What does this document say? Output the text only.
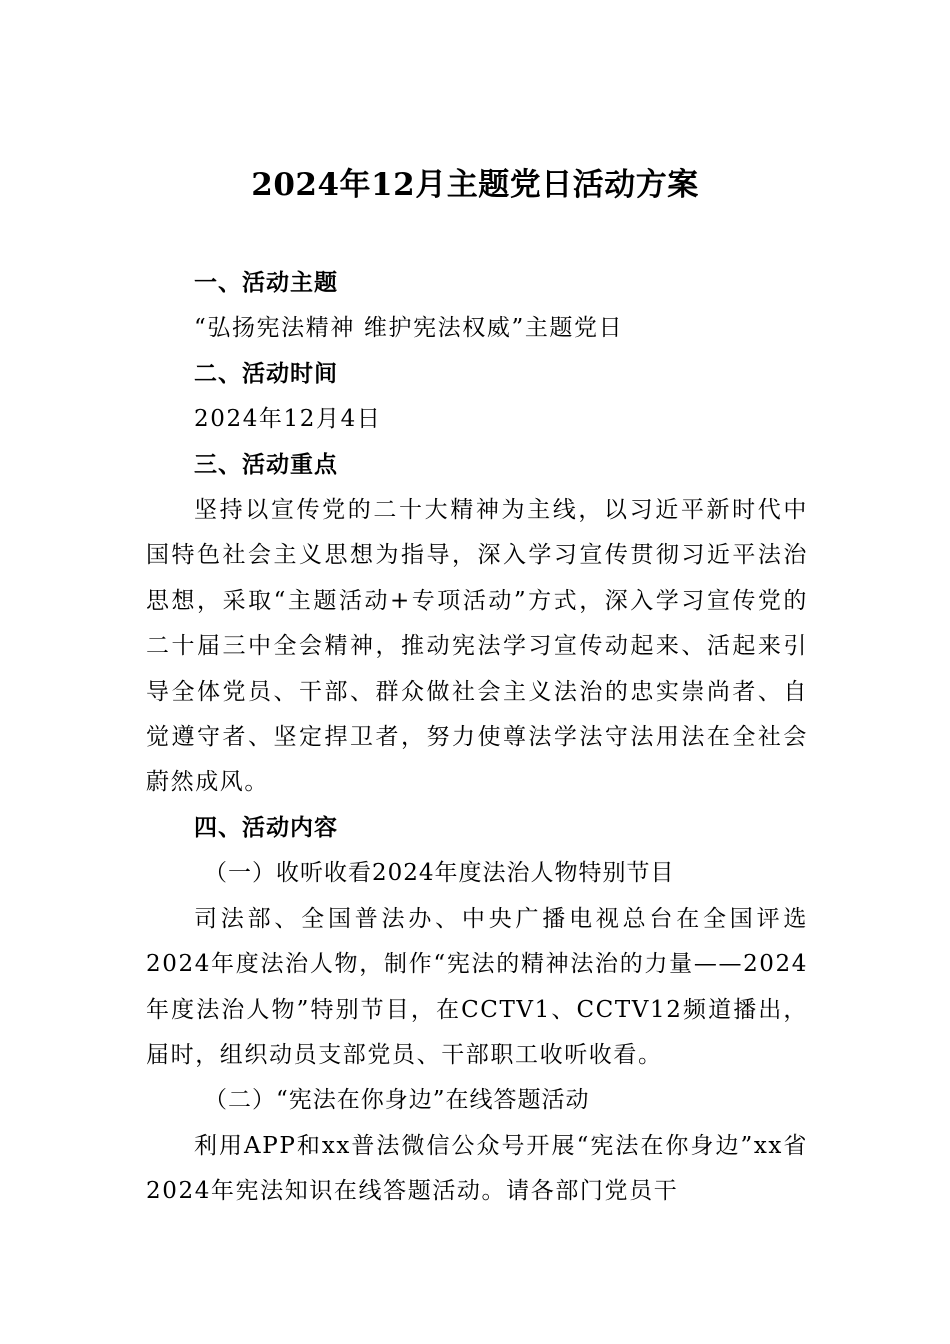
2024年12月主题党日活动方案

一、活动主题

“弘扬宪法精神 维护宪法权威”主题党日

二、活动时间

2024年12月4日

三、活动重点

坚持以宣传党的二十大精神为主线，以习近平新时代中国特色社会主义思想为指导，深入学习宣传贯彻习近平法治思想，采取“主题活动+专项活动”方式，深入学习宣传党的二十届三中全会精神，推动宪法学习宣传动起来、活起来引导全体党员、干部、群众做社会主义法治的忠实崇尚者、自觉遵守者、坚定捍卫者，努力使尊法学法守法用法在全社会蔚然成风。

四、活动内容

（一）收听收看2024年度法治人物特别节目

司法部、全国普法办、中央广播电视总台在全国评选2024年度法治人物，制作“宪法的精神法治的力量——2024年度法治人物”特别节目，在CCTV1、CCTV12频道播出，届时，组织动员支部党员、干部职工收听收看。

（二）“宪法在你身边”在线答题活动

利用APP和xx普法微信公众号开展“宪法在你身边”xx省2024年宪法知识在线答题活动。请各部门党员干
